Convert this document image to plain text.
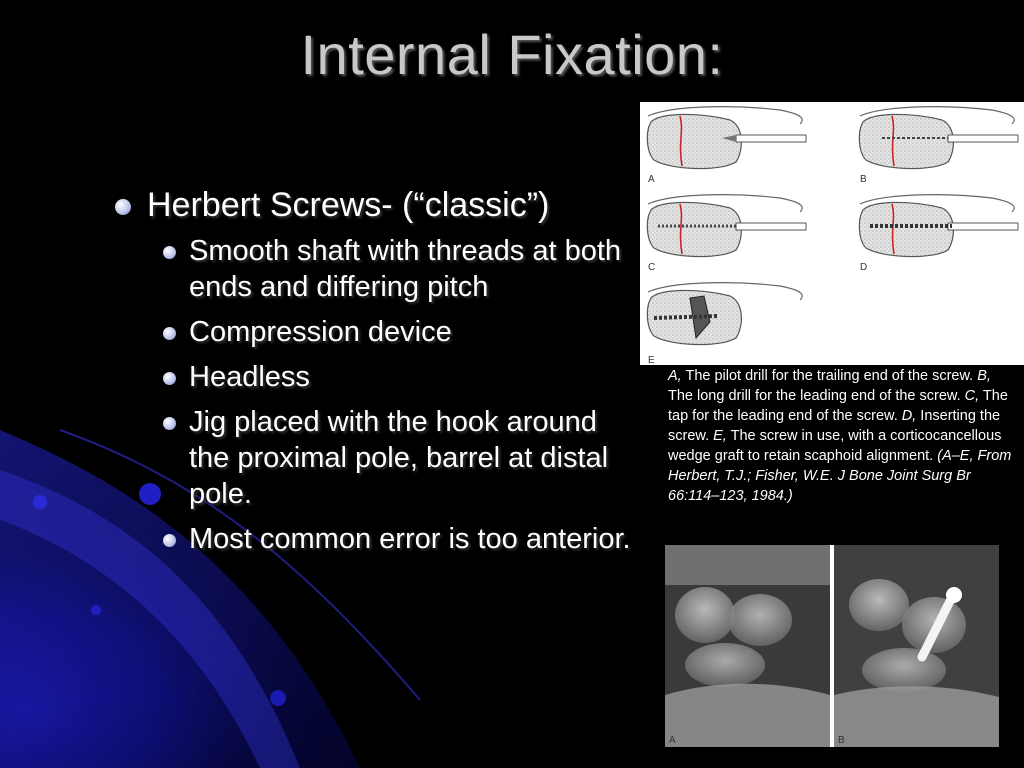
Internal Fixation:
Herbert Screws- (“classic”)
Smooth shaft with threads at both ends and differing pitch
Compression device
Headless
Jig placed with the hook around the proximal pole, barrel at distal pole.
Most common error is too anterior.
A	B
C	D
E
A, The pilot drill for the trailing end of the screw. B, The long drill for the leading end of the screw. C, The tap for the leading end of the screw. D, Inserting the screw. E, The screw in use, with a corticocancellous wedge graft to retain scaphoid alignment. (A–E, From Herbert, T.J.; Fisher, W.E. J Bone Joint Surg Br 66:114–123, 1984.)
A	B
